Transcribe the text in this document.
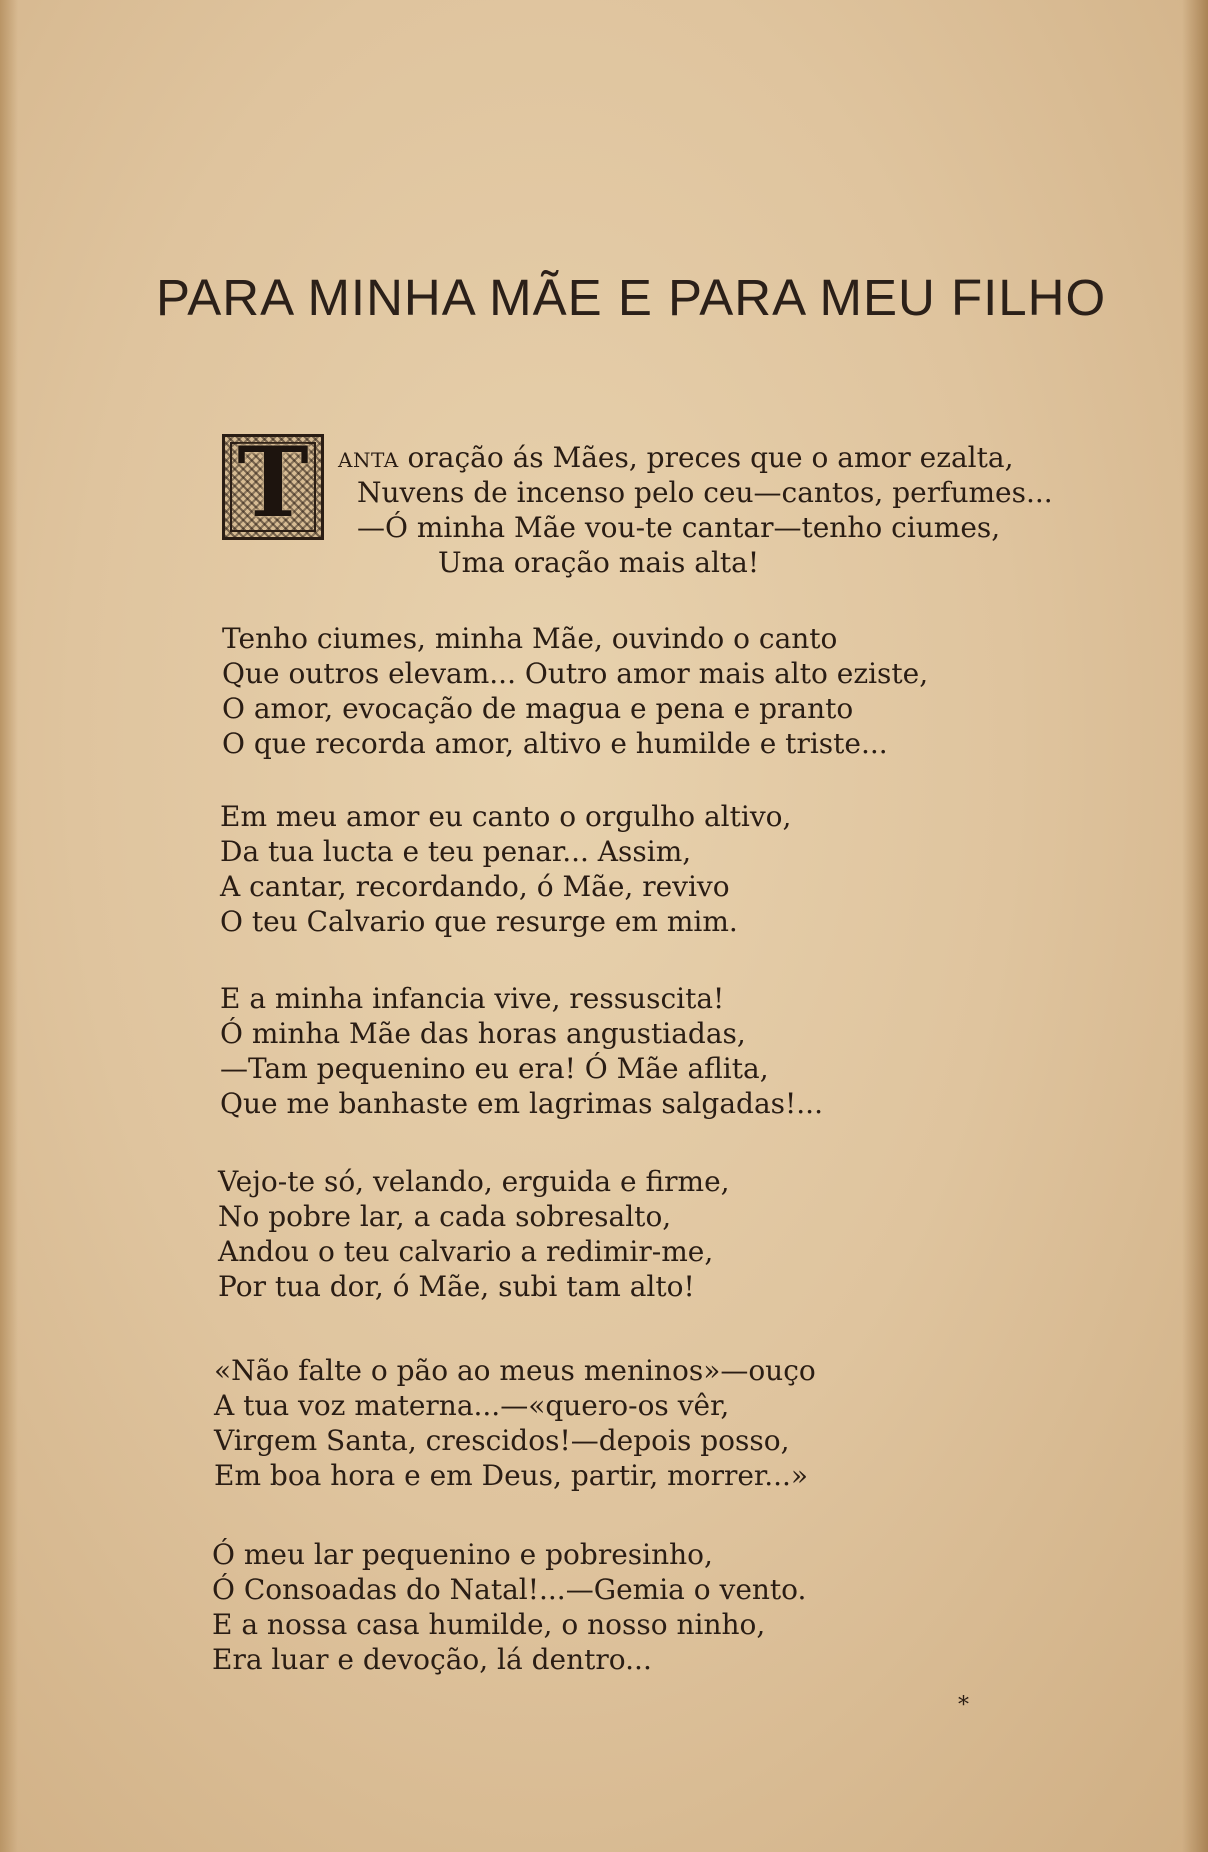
PARA MINHA MÃE E PARA MEU FILHO
T	ANTA oração ás Mães, preces que o amor ezalta,

Nuvens de incenso pelo ceu—cantos, perfumes...

—Ó minha Mãe vou-te cantar—tenho ciumes,

Uma oração mais alta!

Tenho ciumes, minha Mãe, ouvindo o canto

Que outros elevam... Outro amor mais alto eziste,

O amor, evocação de magua e pena e pranto

O que recorda amor, altivo e humilde e triste...

Em meu amor eu canto o orgulho altivo,

Da tua lucta e teu penar... Assim,

A cantar, recordando, ó Mãe, revivo

O teu Calvario que resurge em mim.

E a minha infancia vive, ressuscita!

Ó minha Mãe das horas angustiadas,

—Tam pequenino eu era! Ó Mãe aflita,

Que me banhaste em lagrimas salgadas!...

Vejo-te só, velando, erguida e firme,

No pobre lar, a cada sobresalto,

Andou o teu calvario a redimir-me,

Por tua dor, ó Mãe, subi tam alto!

«Não falte o pão ao meus meninos»—ouço

A tua voz materna...—«quero-os vêr,

Virgem Santa, crescidos!—depois posso,

Em boa hora e em Deus, partir, morrer...»

Ó meu lar pequenino e pobresinho,

Ó Consoadas do Natal!...—Gemia o vento.

E a nossa casa humilde, o nosso ninho,

Era luar e devoção, lá dentro...

*
